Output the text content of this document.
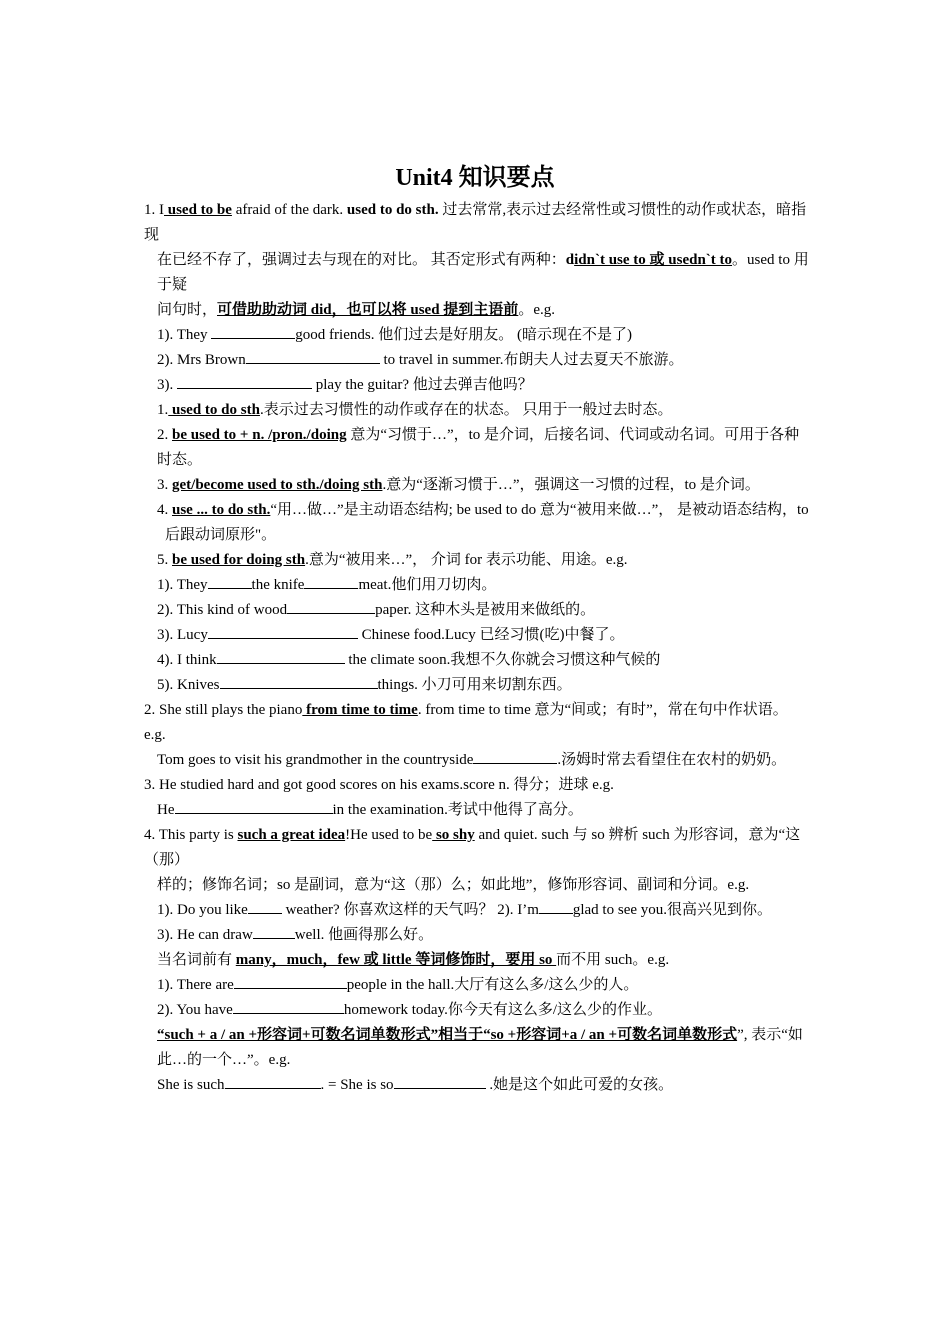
Unit4 知识要点

1. I used to be afraid of the dark. used to do sth. 过去常常,表示过去经常性或习惯性的动作或状态，暗指现

在已经不存了，强调过去与现在的对比。 其否定形式有两种：didn`t use to 或 usedn`t to。used to 用于疑

问句时，可借助助动词 did，也可以将 used 提到主语前。e.g.

1). They	good friends. 他们过去是好朋友。 (暗示现在不是了)

2). Mrs Brown	to travel in summer.布朗夫人过去夏天不旅游。

3).	play the guitar? 他过去弹吉他吗？

1. used to do sth.表示过去习惯性的动作或存在的状态。 只用于一般过去时态。

2. be used to + n. /pron./doing 意为“习惯于…”，to 是介词，后接名词、代词或动名词。可用于各种时态。

3. get/become used to sth./doing sth.意为“逐渐习惯于…”，强调这一习惯的过程，to 是介词。

4. use ... to do sth.“用…做…”是主动语态结构; be used to do 意为“被用来做…”， 是被动语态结构，to

后跟动词原形"。

5. be used for doing sth.意为“被用来…”， 介词 for 表示功能、用途。e.g.

1). They	the knife	meat.他们用刀切肉。

2). This kind of wood	paper. 这种木头是被用来做纸的。

3). Lucy	Chinese food.Lucy 已经习惯(吃)中餐了。

4). I think	the climate soon.我想不久你就会习惯这种气候的

5). Knives	things. 小刀可用来切割东西。

2. She still plays the piano from time to time. from time to time 意为“间或；有时”，常在句中作状语。e.g.

Tom goes to visit his grandmother in the countryside	.汤姆时常去看望住在农村的奶奶。

3. He studied hard and got good scores on his exams.score n. 得分；进球 e.g.

He	in the examination.考试中他得了高分。

4. This party is such a great idea!He used to be so shy and quiet. such 与 so 辨析 such 为形容词，意为“这（那）

样的；修饰名词；so 是副词，意为“这（那）么；如此地”，修饰形容词、副词和分词。e.g.

1). Do you like weather? 你喜欢这样的天气吗？ 2). I’m glad to see you.很高兴见到你。

3). He can draw	well. 他画得那么好。

当名词前有 many，much，few 或 little 等词修饰时，要用 so 而不用 such。e.g.

1). There are	people in the hall.大厅有这么多/这么少的人。

2). You have	homework today.你今天有这么多/这么少的作业。

“such + a / an +形容词+可数名词单数形式”相当于“so +形容词+a / an +可数名词单数形式”, 表示“如

此…的一个…”。e.g.

She is such	. = She is so	.她是这个如此可爱的女孩。
